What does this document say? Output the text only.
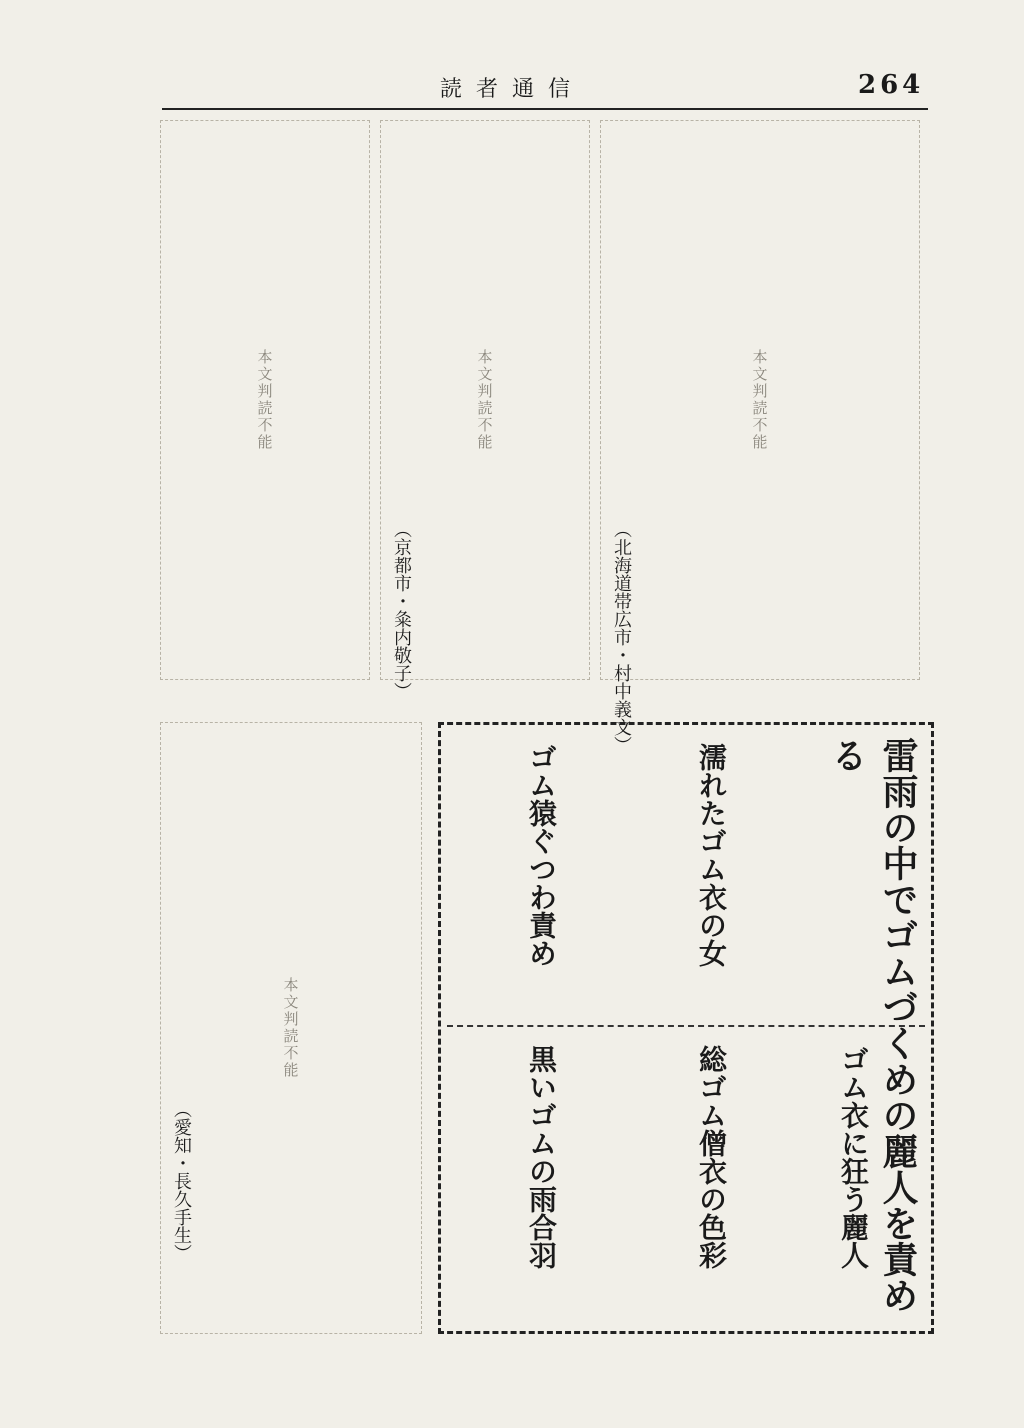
読者通信	264
本文判読不能
（北海道帯広市・村中義文）
本文判読不能
（京都市・粂内敬子）
本文判読不能
本文判読不能
（愛知・長久手生）	雷雨の中でゴムづくめの麗人を責める
ゴム衣に狂う麗人
濡れたゴム衣の女
ゴム猿ぐつわ責め
総ゴム僧衣の色彩
黒いゴムの雨合羽
